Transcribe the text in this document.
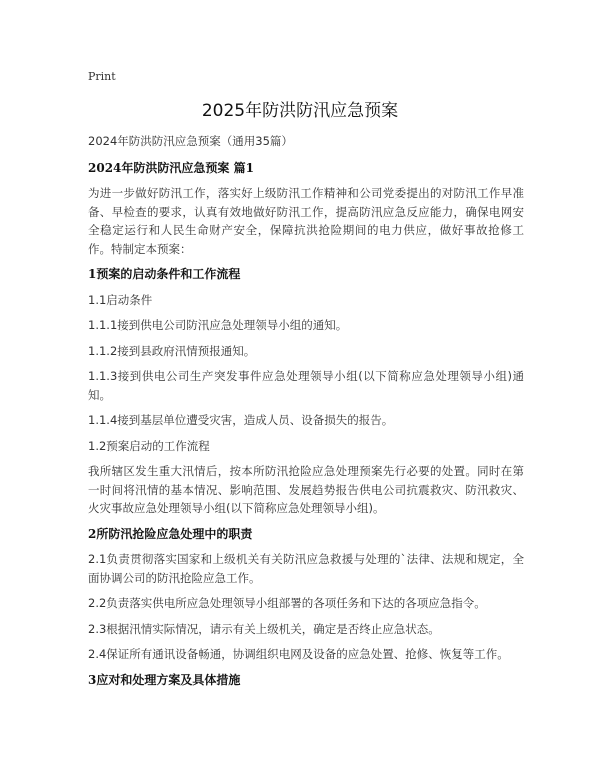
Print
2025年防洪防汛应急预案

2024年防洪防汛应急预案（通用35篇）

2024年防洪防汛应急预案 篇1

为进一步做好防汛工作，落实好上级防汛工作精神和公司党委提出的对防汛工作早准备、早检查的要求，认真有效地做好防汛工作，提高防汛应急反应能力，确保电网安全稳定运行和人民生命财产安全，保障抗洪抢险期间的电力供应，做好事故抢修工作。特制定本预案：

1预案的启动条件和工作流程

1.1启动条件

1.1.1接到供电公司防汛应急处理领导小组的通知。

1.1.2接到县政府汛情预报通知。

1.1.3接到供电公司生产突发事件应急处理领导小组(以下简称应急处理领导小组)通知。

1.1.4接到基层单位遭受灾害，造成人员、设备损失的报告。

1.2预案启动的工作流程

我所辖区发生重大汛情后，按本所防汛抢险应急处理预案先行必要的处置。同时在第一时间将汛情的基本情况、影响范围、发展趋势报告供电公司抗震救灾、防汛救灾、火灾事故应急处理领导小组(以下简称应急处理领导小组)。

2所防汛抢险应急处理中的职责

2.1负责贯彻落实国家和上级机关有关防汛应急救援与处理的`法律、法规和规定，全面协调公司的防汛抢险应急工作。

2.2负责落实供电所应急处理领导小组部署的各项任务和下达的各项应急指令。

2.3根据汛情实际情况，请示有关上级机关，确定是否终止应急状态。

2.4保证所有通讯设备畅通，协调组织电网及设备的应急处置、抢修、恢复等工作。

3应对和处理方案及具体措施
